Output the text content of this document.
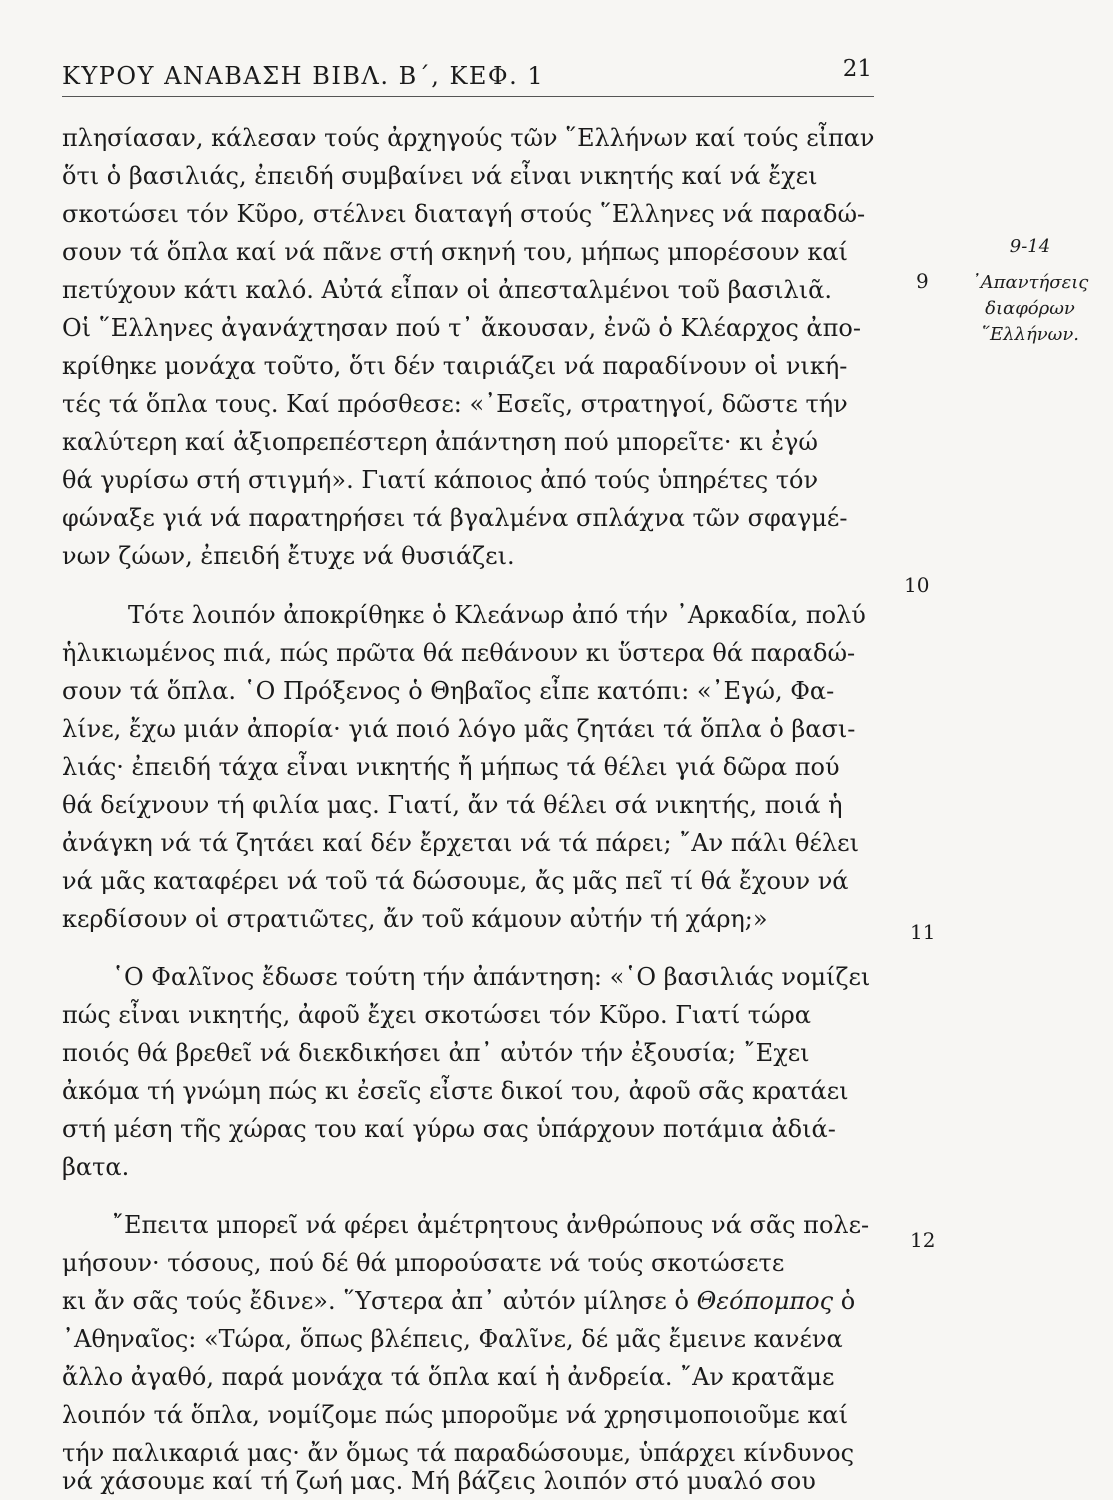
ΚΥΡΟΥ ΑΝΑΒΑΣΗ ΒΙΒΛ. Β΄, ΚΕΦ. 1	21
9-14
᾿Απαντήσεις
διαφόρων
῞Ελλήνων.
9
10
11
12
πλησίασαν, κάλεσαν τούς ἀρχηγούς τῶν ῞Ελλήνων καί τούς εἶπαν
ὅτι ὁ βασιλιάς, ἐπειδή συμβαίνει νά εἶναι νικητής καί νά ἔχει
σκοτώσει τόν Κῦρο, στέλνει διαταγή στούς ῞Ελληνες νά παραδώ-
σουν τά ὅπλα καί νά πᾶνε στή σκηνή του, μήπως μπορέσουν καί
πετύχουν κάτι καλό. Αὐτά εἶπαν οἱ ἀπεσταλμένοι τοῦ βασιλιᾶ.
Οἱ ῞Ελληνες ἀγανάχτησαν πού τ᾿ ἄκουσαν, ἐνῶ ὁ Κλέαρχος ἀπο-
κρίθηκε μονάχα τοῦτο, ὅτι δέν ταιριάζει νά παραδίνουν οἱ νική-
τές τά ὅπλα τους. Καί πρόσθεσε: «᾿Εσεῖς, στρατηγοί, δῶστε τήν
καλύτερη καί ἀξιοπρεπέστερη ἀπάντηση πού μπορεῖτε· κι ἐγώ
θά γυρίσω στή στιγμή». Γιατί κάποιος ἀπό τούς ὑπηρέτες τόν
φώναξε γιά νά παρατηρήσει τά βγαλμένα σπλάχνα τῶν σφαγμέ-
νων ζώων, ἐπειδή ἔτυχε νά θυσιάζει.
Τότε λοιπόν ἀποκρίθηκε ὁ Κλεάνωρ ἀπό τήν ᾿Αρκαδία, πολύ
ἡλικιωμένος πιά, πώς πρῶτα θά πεθάνουν κι ὕστερα θά παραδώ-
σουν τά ὅπλα. ῾Ο Πρόξενος ὁ Θηβαῖος εἶπε κατόπι: «᾿Εγώ, Φα-
λίνε, ἔχω μιάν ἀπορία· γιά ποιό λόγο μᾶς ζητάει τά ὅπλα ὁ βασι-
λιάς· ἐπειδή τάχα εἶναι νικητής ἤ μήπως τά θέλει γιά δῶρα πού
θά δείχνουν τή φιλία μας. Γιατί, ἄν τά θέλει σά νικητής, ποιά ἡ
ἀνάγκη νά τά ζητάει καί δέν ἔρχεται νά τά πάρει; ῎Αν πάλι θέλει
νά μᾶς καταφέρει νά τοῦ τά δώσουμε, ἄς μᾶς πεῖ τί θά ἔχουν νά
κερδίσουν οἱ στρατιῶτες, ἄν τοῦ κάμουν αὐτήν τή χάρη;»
῾Ο Φαλῖνος ἔδωσε τούτη τήν ἀπάντηση: «῾Ο βασιλιάς νομίζει
πώς εἶναι νικητής, ἀφοῦ ἔχει σκοτώσει τόν Κῦρο. Γιατί τώρα
ποιός θά βρεθεῖ νά διεκδικήσει ἀπ᾿ αὐτόν τήν ἐξουσία; ῎Εχει
ἀκόμα τή γνώμη πώς κι ἐσεῖς εἶστε δικοί του, ἀφοῦ σᾶς κρατάει
στή μέση τῆς χώρας του καί γύρω σας ὑπάρχουν ποτάμια ἀδιά-
βατα.
῎Επειτα μπορεῖ νά φέρει ἀμέτρητους ἀνθρώπους νά σᾶς πολε-
μήσουν· τόσους, πού δέ θά μπορούσατε νά τούς σκοτώσετε
κι ἄν σᾶς τούς ἔδινε». ῞Υστερα ἀπ᾿ αὐτόν μίλησε ὁ Θεόπομπος ὁ
᾿Αθηναῖος: «Τώρα, ὅπως βλέπεις, Φαλῖνε, δέ μᾶς ἔμεινε κανένα
ἄλλο ἀγαθό, παρά μονάχα τά ὅπλα καί ἡ ἀνδρεία. ῎Αν κρατᾶμε
λοιπόν τά ὅπλα, νομίζομε πώς μποροῦμε νά χρησιμοποιοῦμε καί
τήν παλικαριά μας· ἄν ὅμως τά παραδώσουμε, ὑπάρχει κίνδυνος
νά χάσουμε καί τή ζωή μας. Μή βάζεις λοιπόν στό μυαλό σου
